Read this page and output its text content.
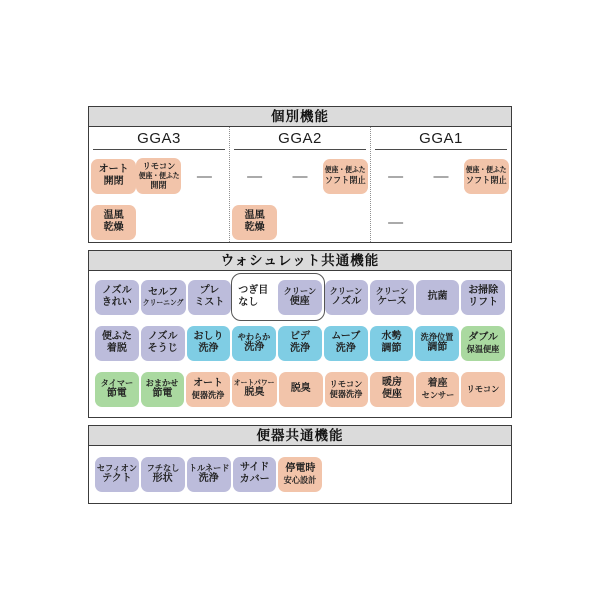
個別機能
GGA3
オート
開閉
リモコン
便座・便ふた
開閉
—
温風
乾燥
GGA2
— — 便座・便ふた
ソフト閉止
温風
乾燥
GGA1
— — 便座・便ふた
ソフト閉止
—
ウォシュレット共通機能
ノズル
きれい
セルフ
クリーニング
プレ
ミスト
つぎ目
なし
クリーン
便座
クリーン
ノズル
クリーン
ケース 抗菌
お掃除
リフト
便ふた
着脱
ノズル
そうじ
おしり
洗浄
やわらか
洗浄
ビデ
洗浄
ムーブ
洗浄
水勢
調節
洗浄位置
調節
ダブル
保温便座
タイマー
節電
おまかせ
節電
オート
便器洗浄
オートパワー
脱臭	脱臭 リモコン
便器洗浄
暖房
便座
着座
センサー
リモコン
便器共通機能
セフィオン
テクト
フチなし
形状
トルネード
洗浄
サイド
カバー
停電時
安心設計
